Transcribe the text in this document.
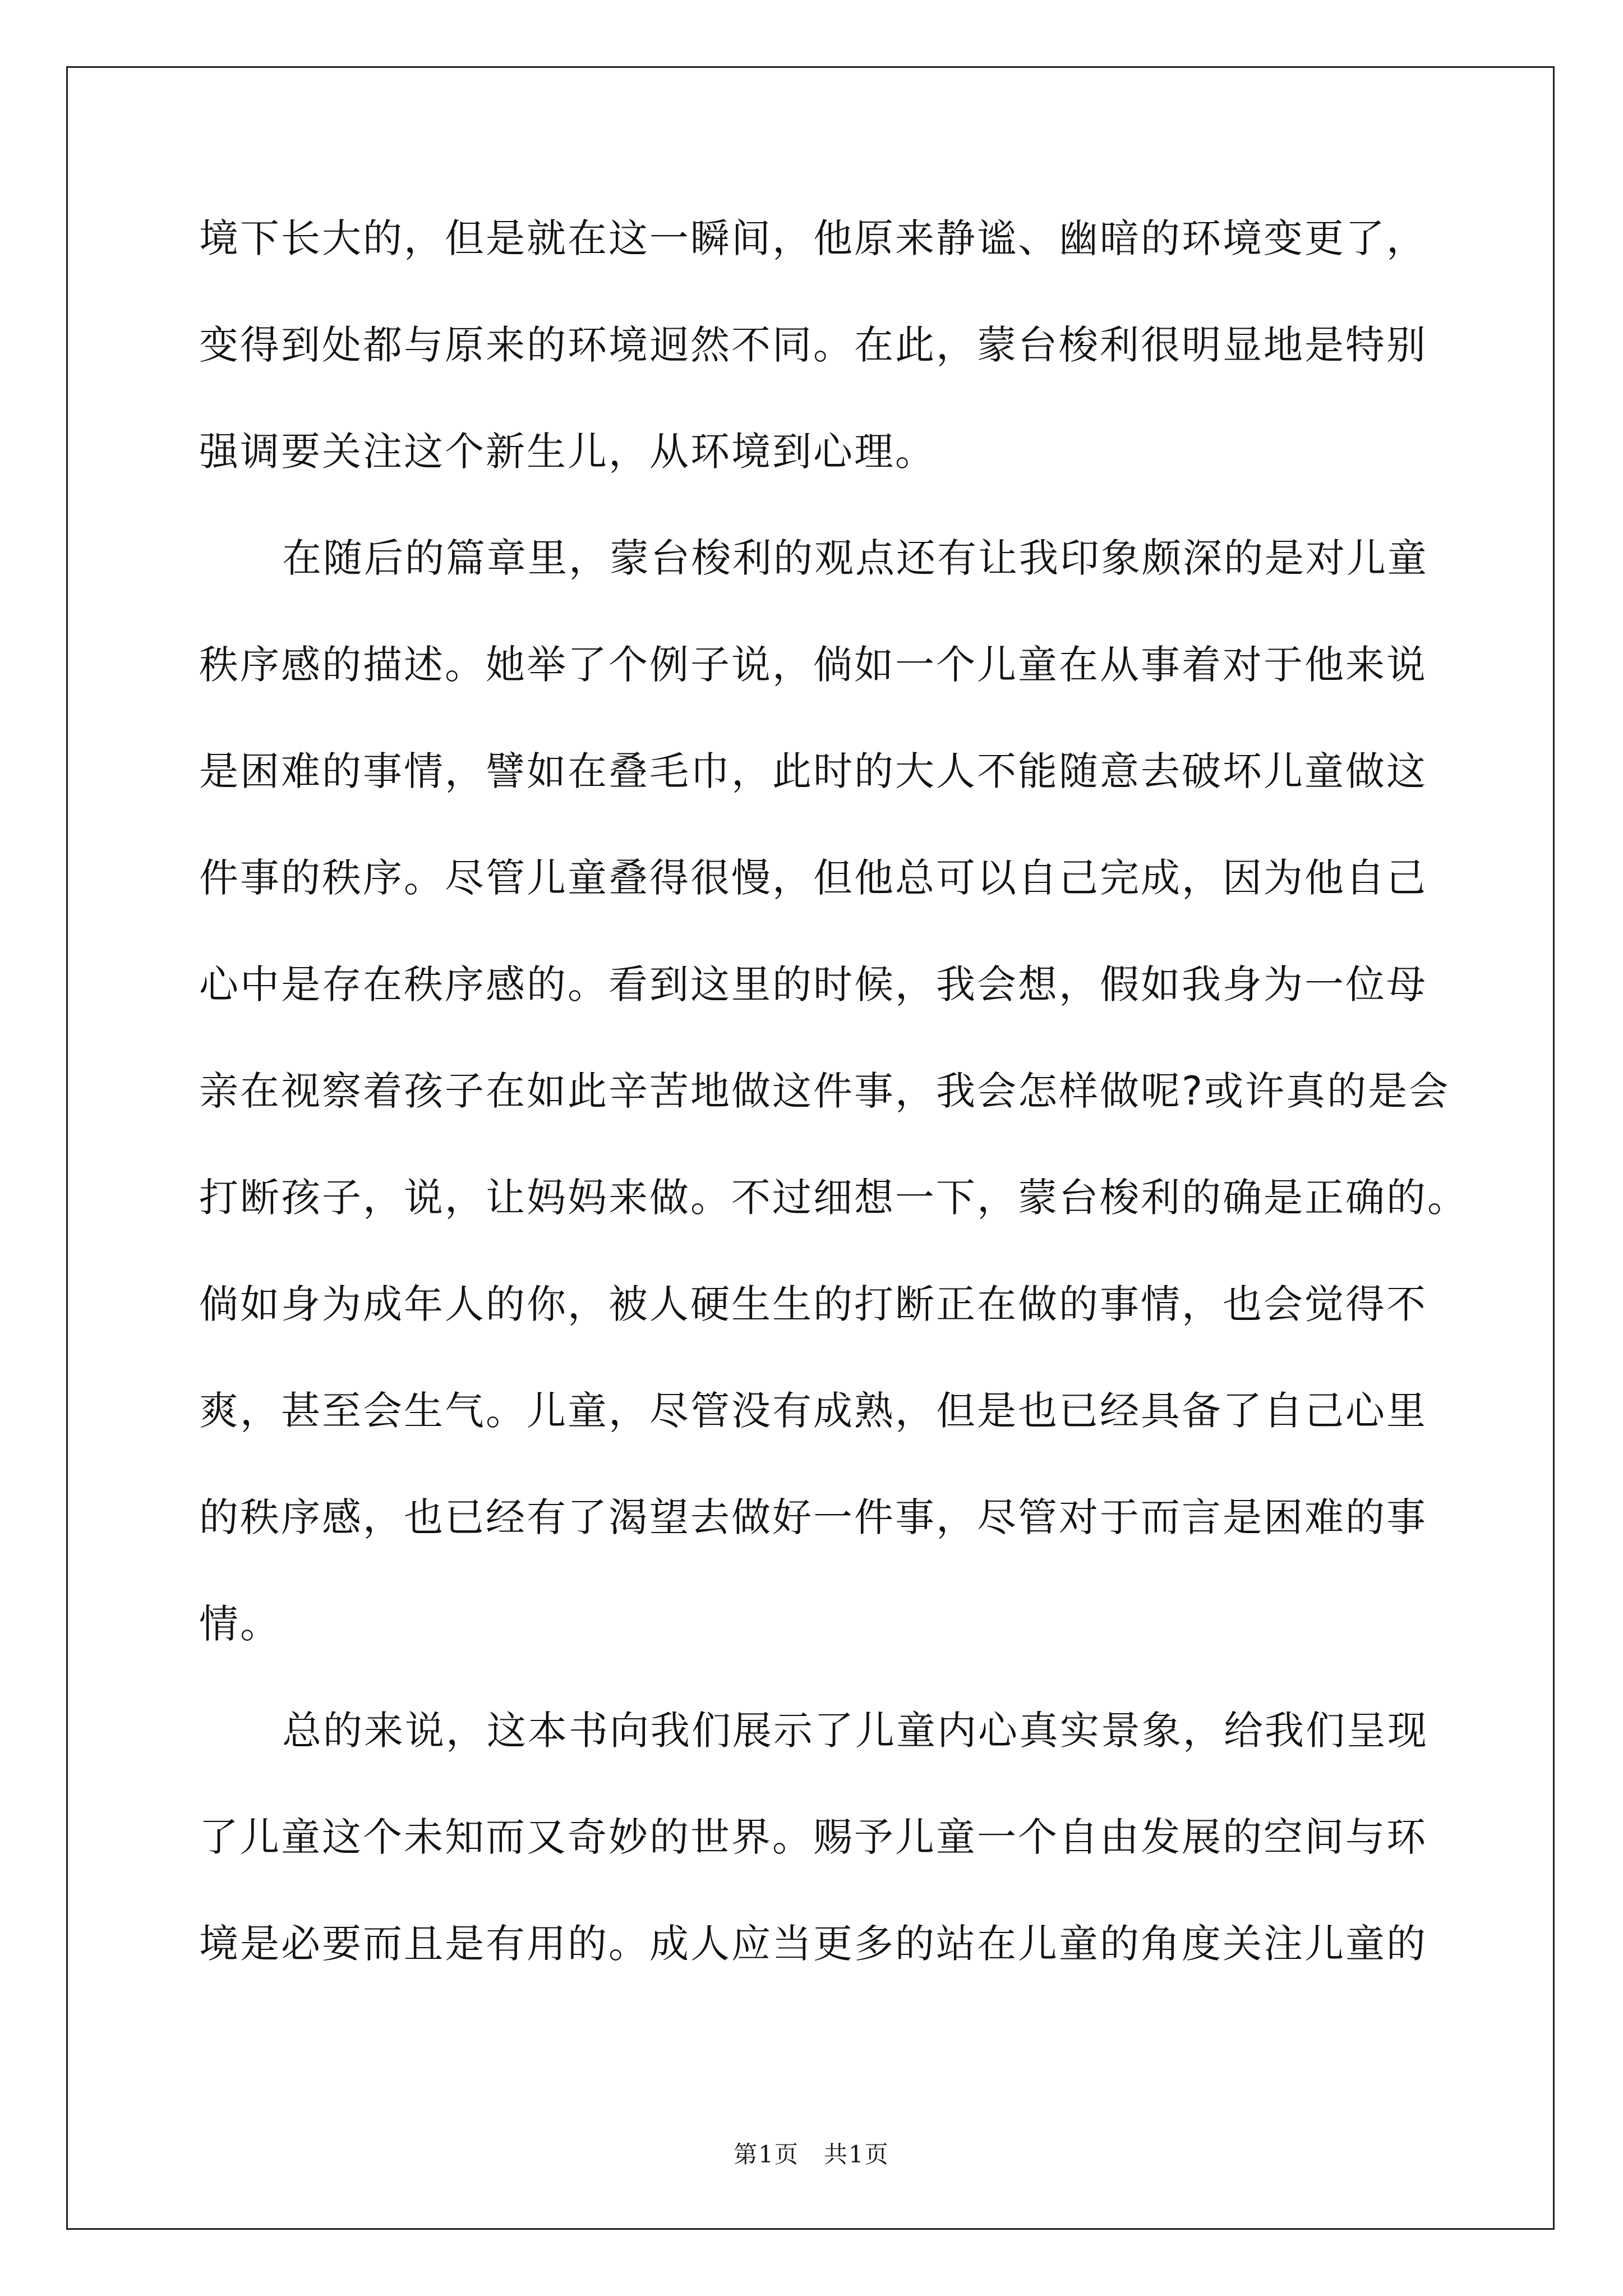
境下长大的，但是就在这一瞬间，他原来静谧、幽暗的环境变更了，
变得到处都与原来的环境迥然不同。在此，蒙台梭利很明显地是特别
强调要关注这个新生儿，从环境到心理。
在随后的篇章里，蒙台梭利的观点还有让我印象颇深的是对儿童
秩序感的描述。她举了个例子说，倘如一个儿童在从事着对于他来说
是困难的事情，譬如在叠毛巾，此时的大人不能随意去破坏儿童做这
件事的秩序。尽管儿童叠得很慢，但他总可以自己完成，因为他自己
心中是存在秩序感的。看到这里的时候，我会想，假如我身为一位母
亲在视察着孩子在如此辛苦地做这件事，我会怎样做呢?或许真的是会
打断孩子，说，让妈妈来做。不过细想一下，蒙台梭利的确是正确的。
倘如身为成年人的你，被人硬生生的打断正在做的事情，也会觉得不
爽，甚至会生气。儿童，尽管没有成熟，但是也已经具备了自己心里
的秩序感，也已经有了渴望去做好一件事，尽管对于而言是困难的事
情。
总的来说，这本书向我们展示了儿童内心真实景象，给我们呈现
了儿童这个未知而又奇妙的世界。赐予儿童一个自由发展的空间与环
境是必要而且是有用的。成人应当更多的站在儿童的角度关注儿童的
第1页　共1页
